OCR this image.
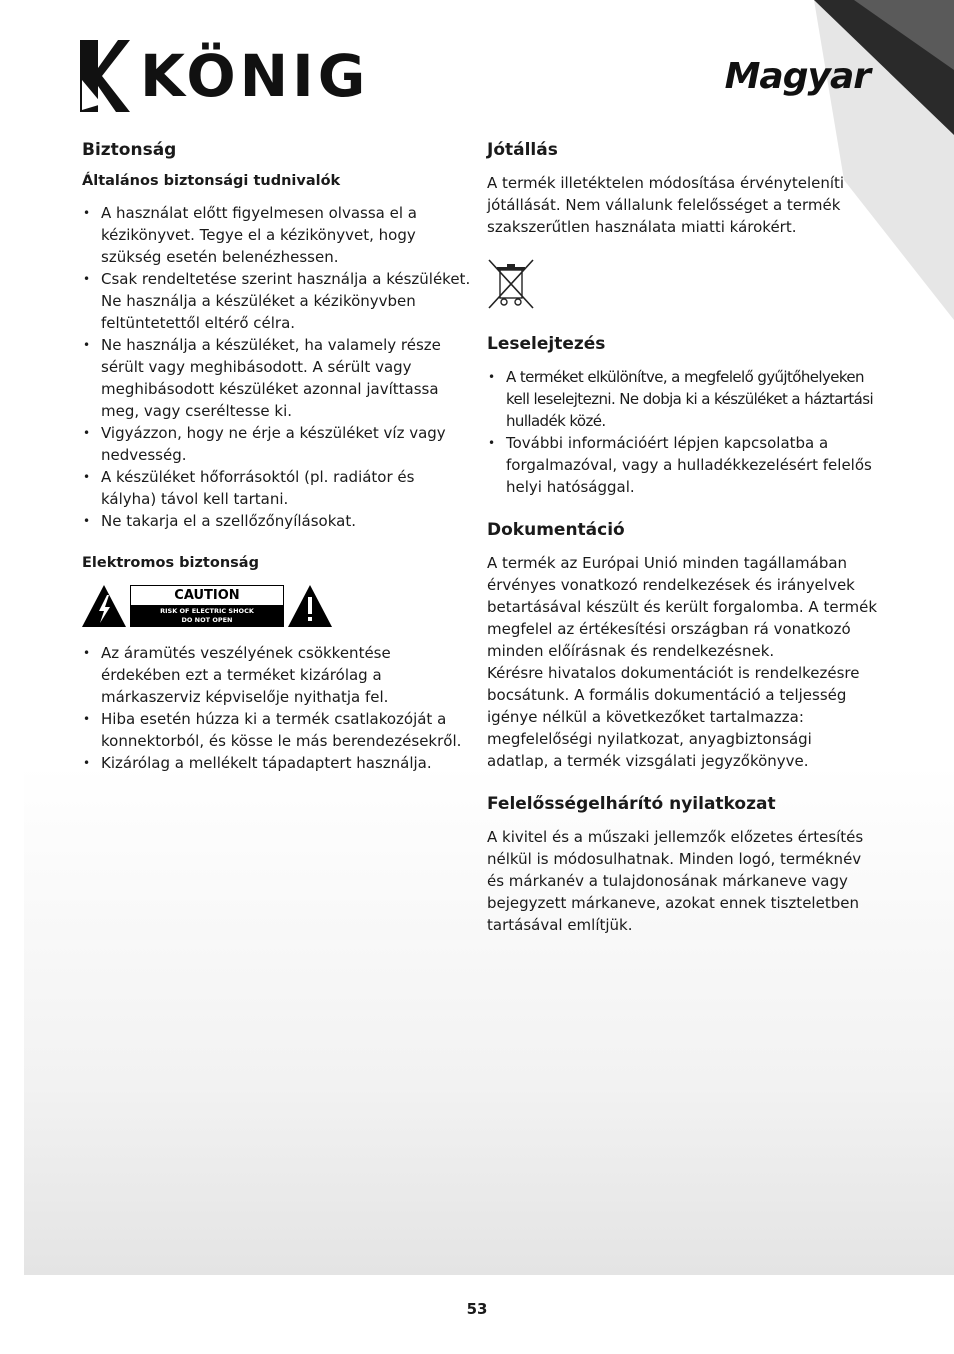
KÖNIG	Magyar
Biztonság
Általános biztonsági tudnivalók
• A használat előtt figyelmesen olvassa el a kézikönyvet. Tegye el a kézikönyvet, hogy szükség esetén belenézhessen.
• Csak rendeltetése szerint használja a készüléket. Ne használja a készüléket a kézikönyvben feltüntetettől eltérő célra.
• Ne használja a készüléket, ha valamely része sérült vagy meghibásodott. A sérült vagy meghibásodott készüléket azonnal javíttassa meg, vagy cseréltesse ki.
• Vigyázzon, hogy ne érje a készüléket víz vagy nedvesség.
• A készüléket hőforrásoktól (pl. radiátor és kályha) távol kell tartani.
• Ne takarja el a szellőzőnyílásokat.
Elektromos biztonság
CAUTION
RISK OF ELECTRIC SHOCK
DO NOT OPEN
• Az áramütés veszélyének csökkentése érdekében ezt a terméket kizárólag a márkaszerviz képviselője nyithatja fel.
• Hiba esetén húzza ki a termék csatlakozóját a konnektorból, és kösse le más berendezésekről.
• Kizárólag a mellékelt tápadaptert használja.
Jótállás

A termék illetéktelen módosítása érvényteleníti jótállását. Nem vállalunk felelősséget a termék szakszerűtlen használata miatti károkért.

Leselejtezés
• A terméket elkülönítve, a megfelelő gyűjtőhelyeken kell leselejtezni. Ne dobja ki a készüléket a háztartási hulladék közé.
• További információért lépjen kapcsolatba a forgalmazóval, vagy a hulladékkezelésért felelős helyi hatósággal.
Dokumentáció

A termék az Európai Unió minden tagállamában érvényes vonatkozó rendelkezések és irányelvek betartásával készült és került forgalomba. A termék megfelel az értékesítési országban rá vonatkozó minden előírásnak és rendelkezésnek.

Kérésre hivatalos dokumentációt is rendelkezésre bocsátunk. A formális dokumentáció a teljesség igénye nélkül a következőket tartalmazza: megfelelőségi nyilatkozat, anyagbiztonsági adatlap, a termék vizsgálati jegyzőkönyve.

Felelősségelhárító nyilatkozat

A kivitel és a műszaki jellemzők előzetes értesítés nélkül is módosulhatnak. Minden logó, terméknév és márkanév a tulajdonosának márkaneve vagy bejegyzett márkaneve, azokat ennek tiszteletben tartásával említjük.

53
